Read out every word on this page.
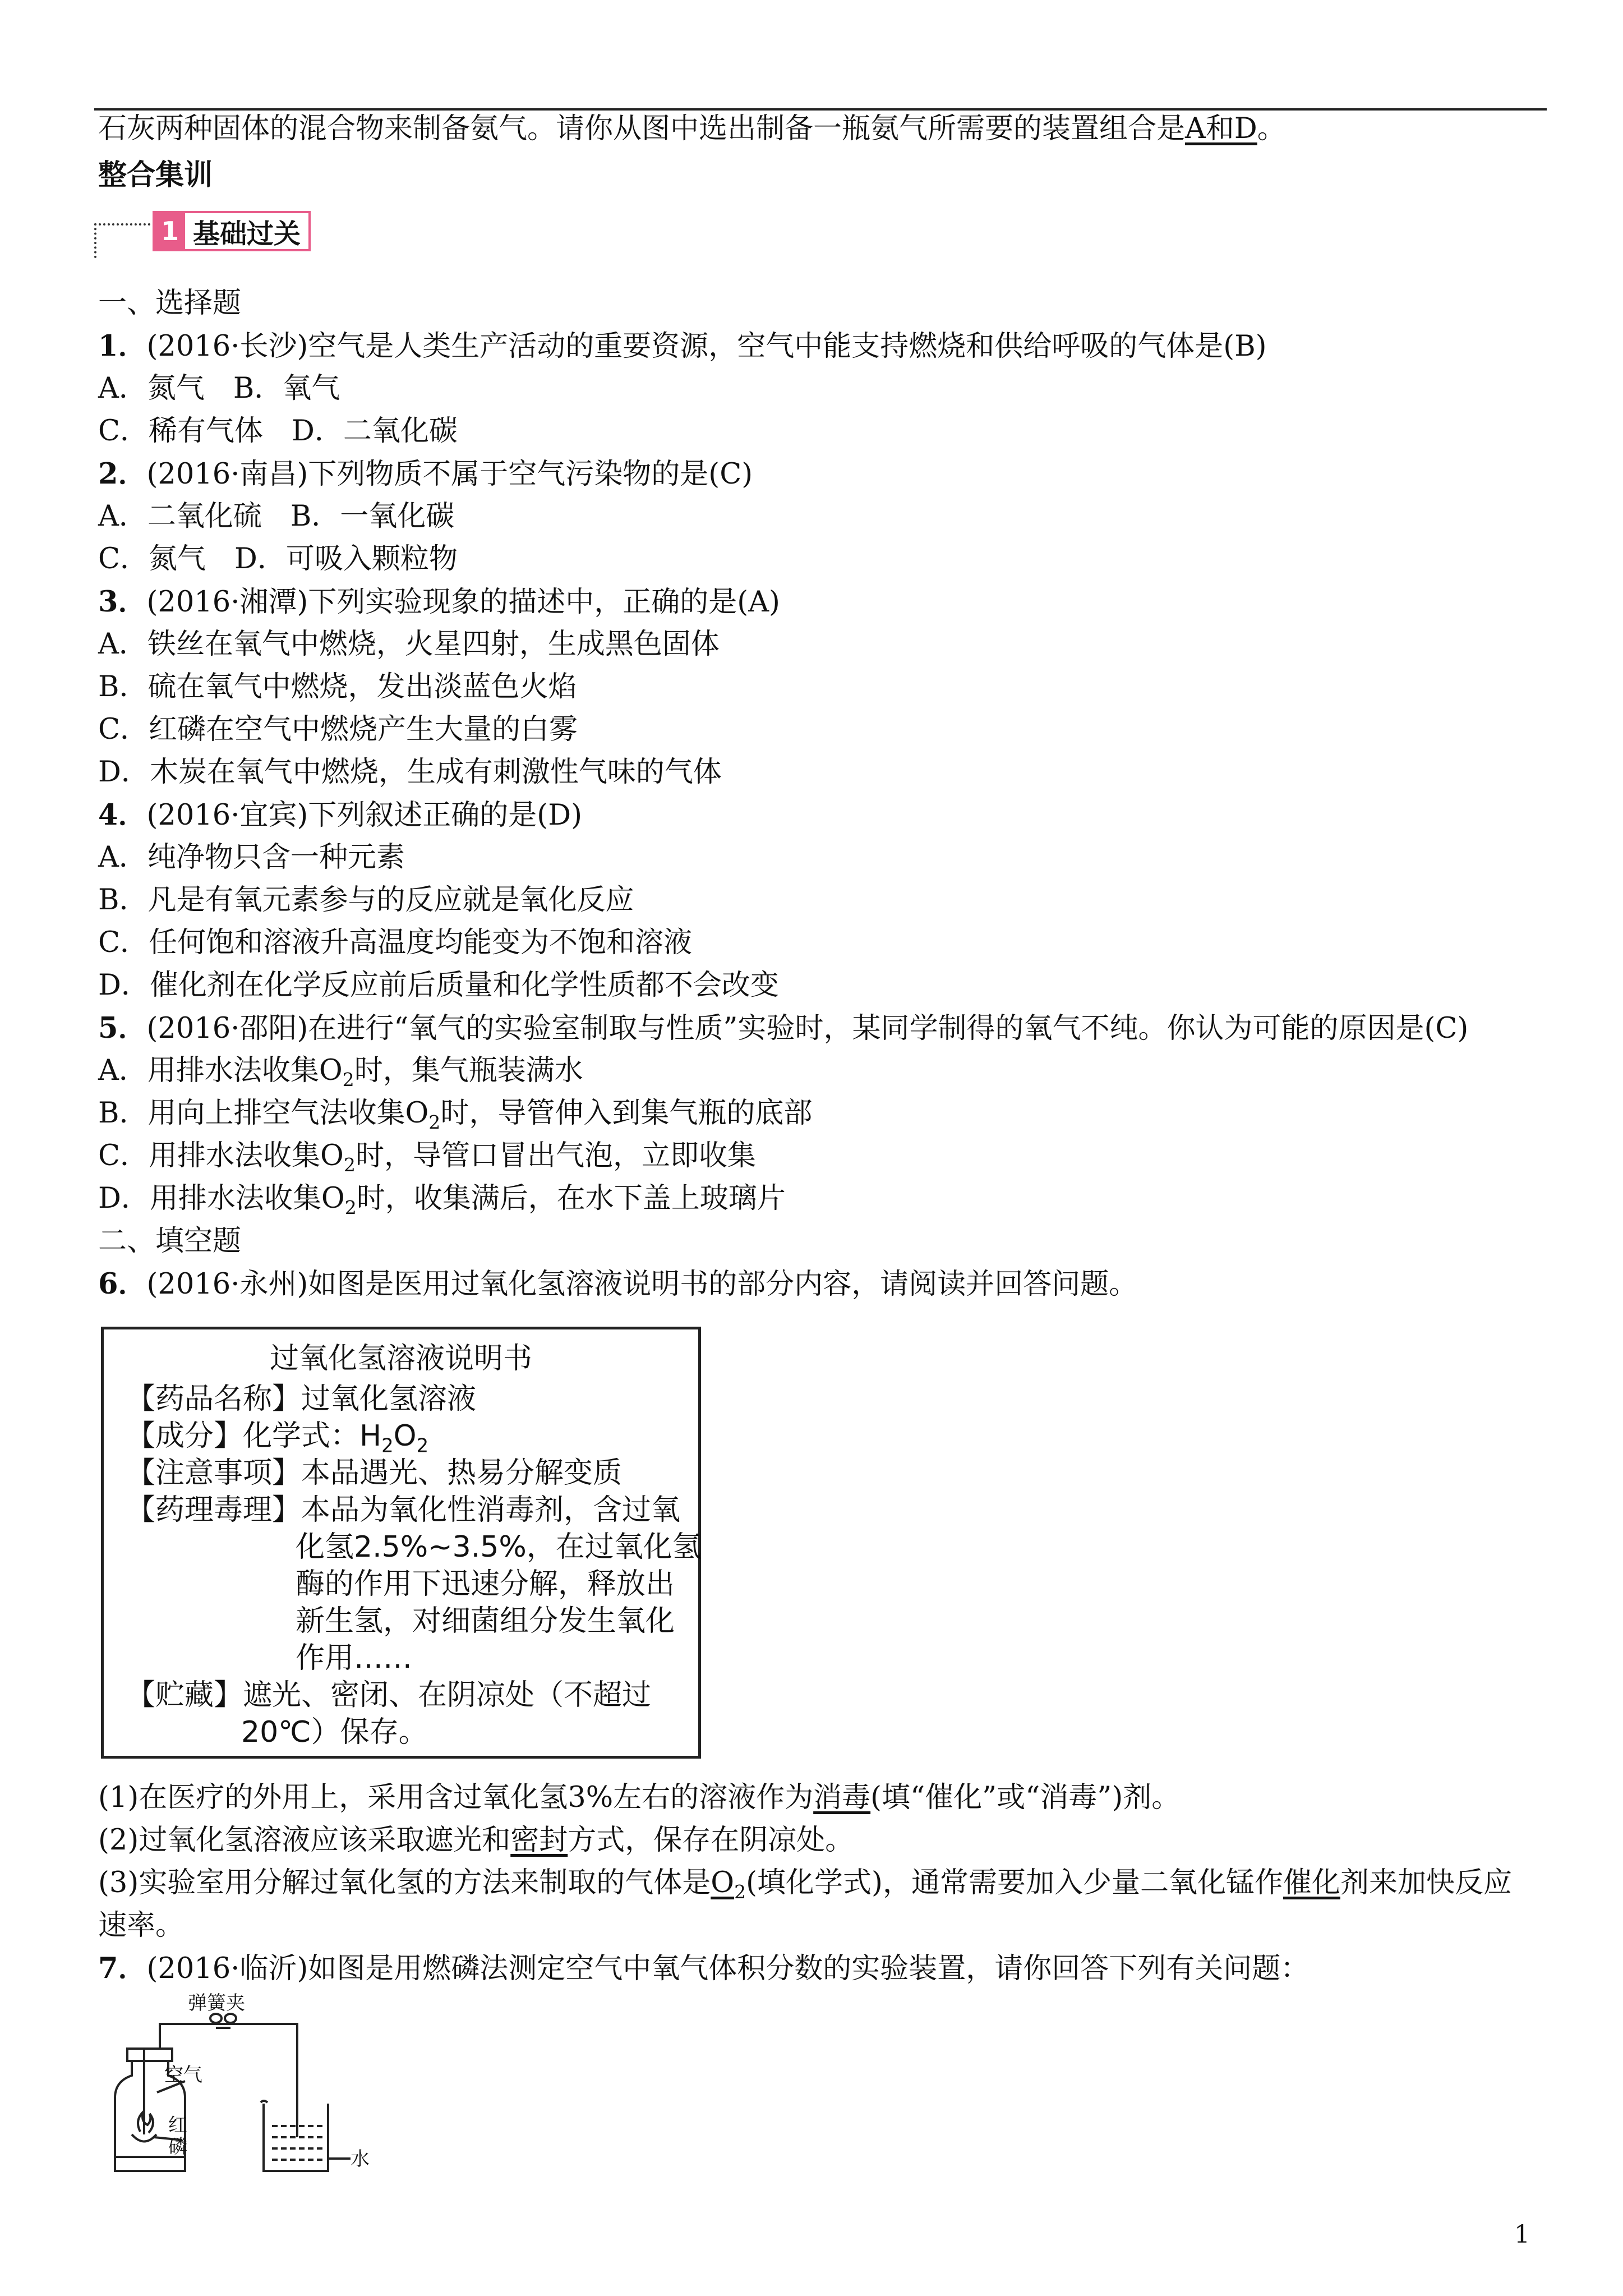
石灰两种固体的混合物来制备氨气。请你从图中选出制备一瓶氨气所需要的装置组合是A和D。
整合集训
1 基础过关
一、选择题
1．(2016·长沙)空气是人类生产活动的重要资源，空气中能支持燃烧和供给呼吸的气体是(B)
A．氮气　B．氧气
C．稀有气体　D．二氧化碳
2．(2016·南昌)下列物质不属于空气污染物的是(C)
A．二氧化硫　B．一氧化碳
C．氮气　D．可吸入颗粒物
3．(2016·湘潭)下列实验现象的描述中，正确的是(A)
A．铁丝在氧气中燃烧，火星四射，生成黑色固体
B．硫在氧气中燃烧，发出淡蓝色火焰
C．红磷在空气中燃烧产生大量的白雾
D．木炭在氧气中燃烧，生成有刺激性气味的气体
4．(2016·宜宾)下列叙述正确的是(D)
A．纯净物只含一种元素
B．凡是有氧元素参与的反应就是氧化反应
C．任何饱和溶液升高温度均能变为不饱和溶液
D．催化剂在化学反应前后质量和化学性质都不会改变
5．(2016·邵阳)在进行“氧气的实验室制取与性质”实验时，某同学制得的氧气不纯。你认为可能的原因是(C)
A．用排水法收集$O_2$时，集气瓶装满水
B．用向上排空气法收集$O_2$时，导管伸入到集气瓶的底部
C．用排水法收集$O_2$时，导管口冒出气泡，立即收集
D．用排水法收集$O_2$时，收集满后，在水下盖上玻璃片
二、填空题
6．(2016·永州)如图是医用过氧化氢溶液说明书的部分内容，请阅读并回答问题。
过氧化氢溶液说明书
【药品名称】过氧化氢溶液
【成分】化学式：$H_2O_2$
【注意事项】本品遇光、热易分解变质
【药理毒理】本品为氧化性消毒剂，含过氧
化氢2.5%~3.5%，在过氧化氢
酶的作用下迅速分解，释放出
新生氢，对细菌组分发生氧化
作用……
【贮藏】遮光、密闭、在阴凉处（不超过
20℃）保存。
(1)在医疗的外用上，采用含过氧化氢3%左右的溶液作为消毒(填“催化”或“消毒”)剂。
(2)过氧化氢溶液应该采取遮光和密封方式，保存在阴凉处。
(3)实验室用分解过氧化氢的方法来制取的气体是$O_2$(填化学式)，通常需要加入少量二氧化锰作催化剂来加快反应
速率。
7．(2016·临沂)如图是用燃磷法测定空气中氧气体积分数的实验装置，请你回答下列有关问题：
弹簧夹
空气
红
磷
水
1
